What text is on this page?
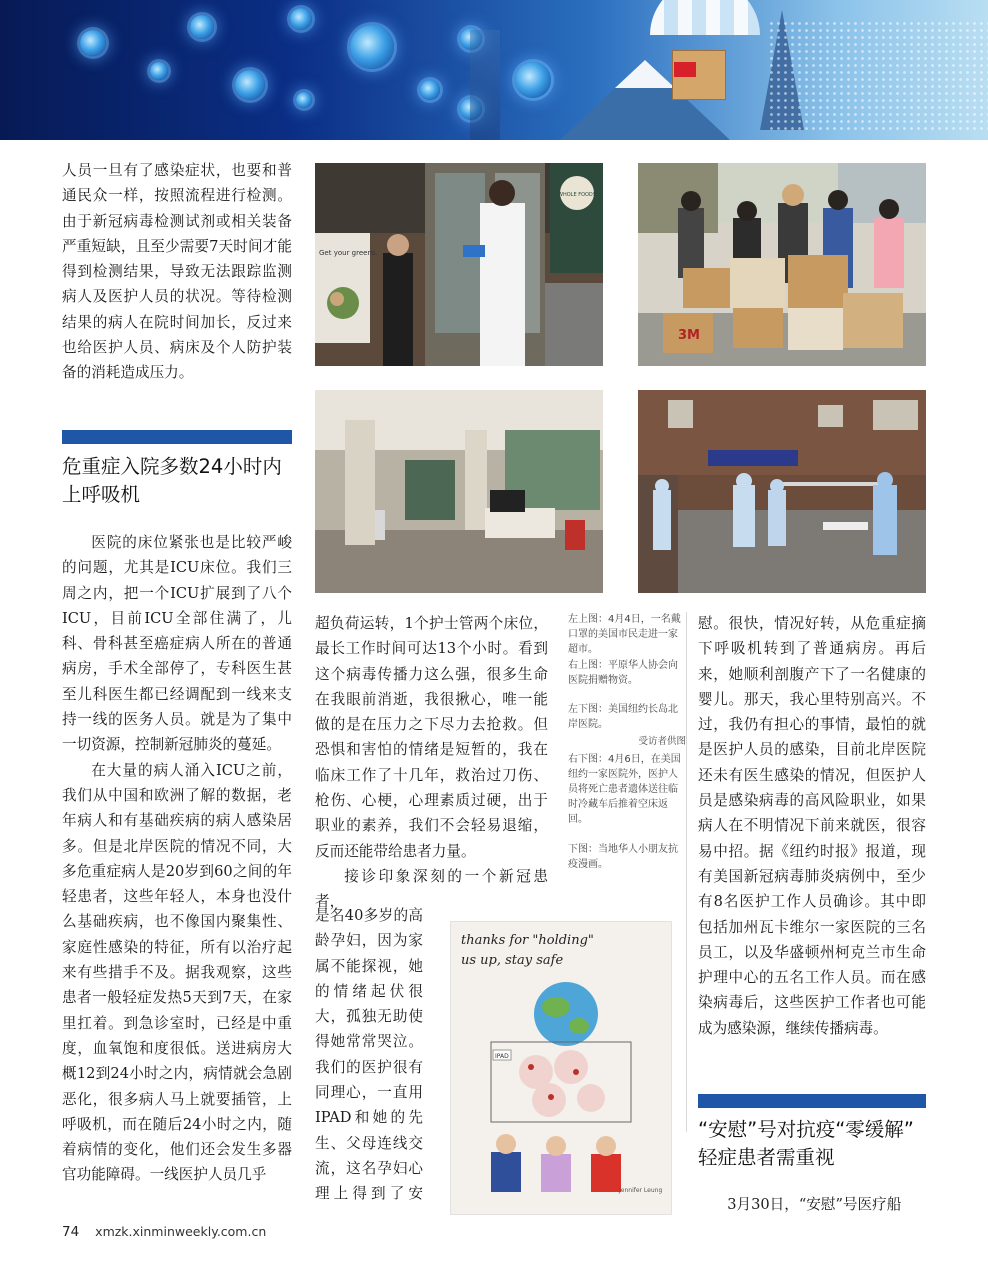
人员一旦有了感染症状，也要和普通民众一样，按照流程进行检测。由于新冠病毒检测试剂或相关装备严重短缺，且至少需要7天时间才能得到检测结果，导致无法跟踪监测病人及医护人员的状况。等待检测结果的病人在院时间加长，反过来也给医护人员、病床及个人防护装备的消耗造成压力。

危重症入院多数24小时内
上呼吸机

医院的床位紧张也是比较严峻的问题，尤其是ICU床位。我们三周之内，把一个ICU扩展到了八个ICU，目前ICU全部住满了，儿科、骨科甚至癌症病人所在的普通病房，手术全部停了，专科医生甚至儿科医生都已经调配到一线来支持一线的医务人员。就是为了集中一切资源，控制新冠肺炎的蔓延。

在大量的病人涌入ICU之前，我们从中国和欧洲了解的数据，老年病人和有基础疾病的病人感染居多。但是北岸医院的情况不同，大多危重症病人是20岁到60之间的年轻患者，这些年轻人，本身也没什么基础疾病，也不像国内聚集性、家庭性感染的特征，所有以治疗起来有些措手不及。据我观察，这些患者一般轻症发热5天到7天，在家里扛着。到急诊室时，已经是中重度，血氧饱和度很低。送进病房大概12到24小时之内，病情就会急剧恶化，很多病人马上就要插管，上呼吸机，而在随后24小时之内，随着病情的变化，他们还会发生多器官功能障碍。一线医护人员几乎

WHOLE FOODS
Get your greens.
3M

超负荷运转，1个护士管两个床位，最长工作时间可达13个小时。看到这个病毒传播力这么强，很多生命在我眼前消逝，我很揪心，唯一能做的是在压力之下尽力去抢救。但恐惧和害怕的情绪是短暂的，我在临床工作了十几年，救治过刀伤、枪伤、心梗，心理素质过硬，出于职业的素养，我们不会轻易退缩，反而还能带给患者力量。

接诊印象深刻的一个新冠患者，

是名40多岁的高龄孕妇，因为家属不能探视，她的情绪起伏很大，孤独无助使得她常常哭泣。我们的医护很有同理心，一直用IPAD和她的先生、父母连线交流，这名孕妇心理上得到了安

thanks for "holding"
us up, stay safe
IPAD
Jennifer Leung

左上图：4月4日，一名戴口罩的美国市民走进一家超市。

右上图：平原华人协会向医院捐赠物资。

左下图：美国纽约长岛北岸医院。

受访者供图

右下图：4月6日，在美国纽约一家医院外，医护人员将死亡患者遗体送往临时冷藏车后推着空床返回。

下图：当地华人小朋友抗疫漫画。

慰。很快，情况好转，从危重症摘下呼吸机转到了普通病房。再后来，她顺利剖腹产下了一名健康的婴儿。那天，我心里特别高兴。不过，我仍有担心的事情，最怕的就是医护人员的感染，目前北岸医院还未有医生感染的情况，但医护人员是感染病毒的高风险职业，如果病人在不明情况下前来就医，很容易中招。据《纽约时报》报道，现有美国新冠病毒肺炎病例中，至少有8名医护工作人员确诊。其中即包括加州瓦卡维尔一家医院的三名员工，以及华盛顿州柯克兰市生命护理中心的五名工作人员。而在感染病毒后，这些医护工作者也可能成为感染源，继续传播病毒。

“安慰”号对抗疫“零缓解”
轻症患者需重视

3月30日，“安慰”号医疗船

74 xmzk.xinminweekly.com.cn
